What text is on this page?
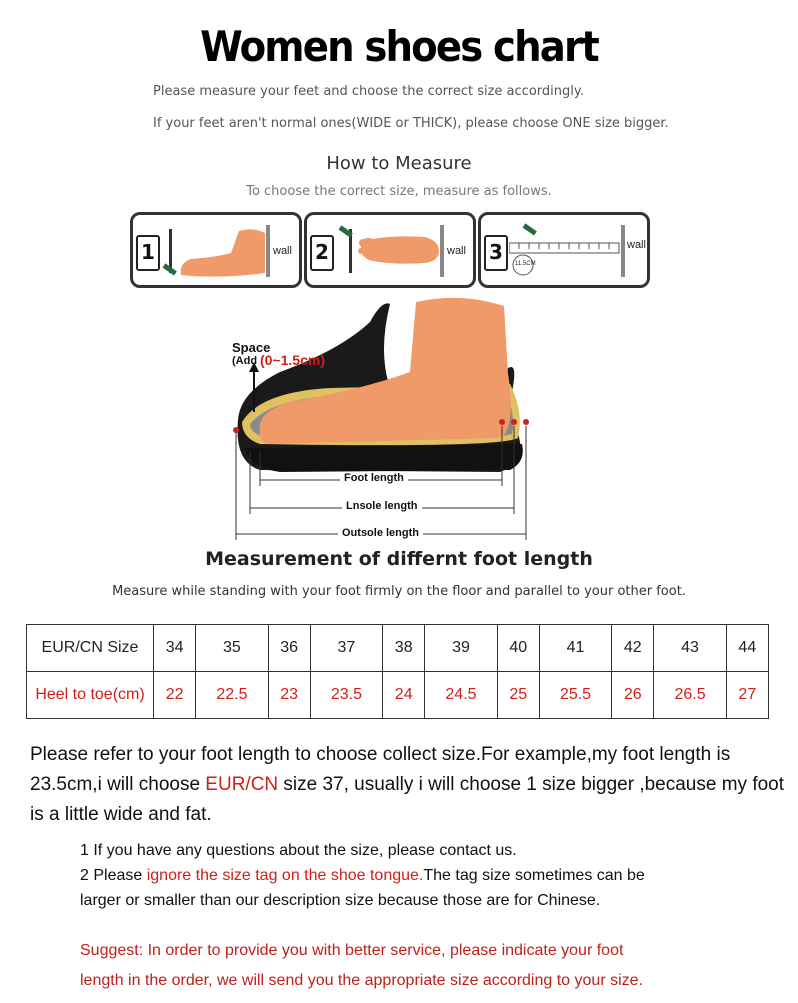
Women shoes chart
Please measure your feet and choose the correct size accordingly.
If your feet aren't normal ones(WIDE or THICK), please choose ONE size bigger.
How to Measure
To choose the correct size, measure as follows.
1	wall 2	wall 3	11.5CM
wall
Space
(Add (0~1.5cm)
Foot length
Lnsole length
Outsole length
Measurement of differnt foot length
Measure while standing with your foot firmly on the floor and parallel to your other foot.
EUR/CN Size	34	35	36	37	38	39	40	41	42	43	44
Heel to toe(cm)	22	22.5	23	23.5	24	24.5	25	25.5	26	26.5	27
Please refer to your foot length to choose collect size.For example,my foot length is 23.5cm,i will choose EUR/CN size 37, usually i will choose 1 size bigger ,because my foot is a little wide and fat.
1 If you have any questions about the size, please contact us.
2 Please ignore the size tag on the shoe tongue.The tag size sometimes can be
larger or smaller than our description size because those are for Chinese.
Suggest: In order to provide you with better service, please indicate your foot
length in the order, we will send you the appropriate size according to your size.
